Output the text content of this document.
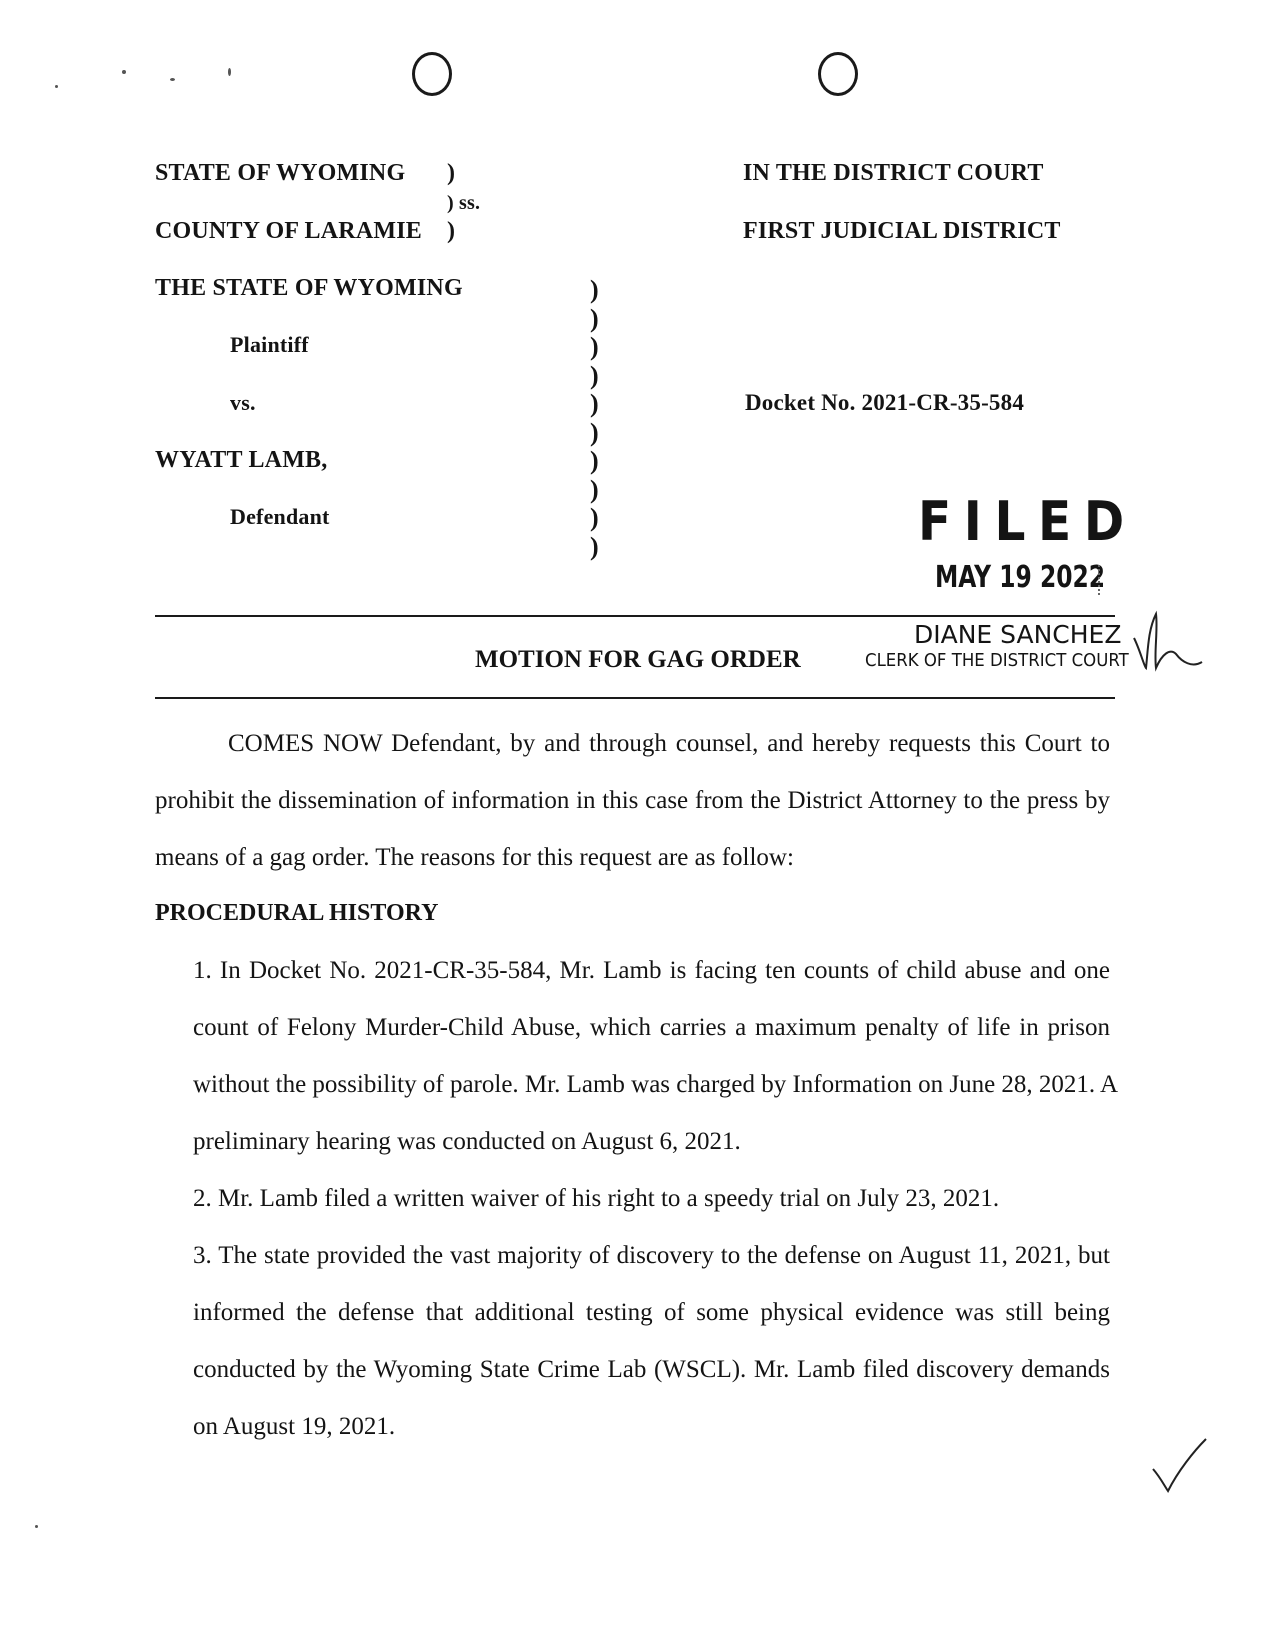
STATE OF WYOMING )
) ss.
COUNTY OF LARAMIE )
IN THE DISTRICT COURT
FIRST JUDICIAL DISTRICT
THE STATE OF WYOMING
Plaintiff
vs.
WYATT LAMB,
Defendant
Docket No. 2021-CR-35-584
)
)
)
)
)
)
)
)
)
)	FILED
MAY 19 2022
DIANE SANCHEZ
CLERK OF THE DISTRICT COURT
MOTION FOR GAG ORDER
COMES NOW Defendant, by and through counsel, and hereby requests this Court to
prohibit the dissemination of information in this case from the District Attorney to the press by
means of a gag order. The reasons for this request are as follow:
PROCEDURAL HISTORY
1. In Docket No. 2021-CR-35-584, Mr. Lamb is facing ten counts of child abuse and one
count of Felony Murder-Child Abuse, which carries a maximum penalty of life in prison
without the possibility of parole. Mr. Lamb was charged by Information on June 28, 2021. A
preliminary hearing was conducted on August 6, 2021.
2. Mr. Lamb filed a written waiver of his right to a speedy trial on July 23, 2021.
3. The state provided the vast majority of discovery to the defense on August 11, 2021, but
informed the defense that additional testing of some physical evidence was still being
conducted by the Wyoming State Crime Lab (WSCL). Mr. Lamb filed discovery demands
on August 19, 2021.
